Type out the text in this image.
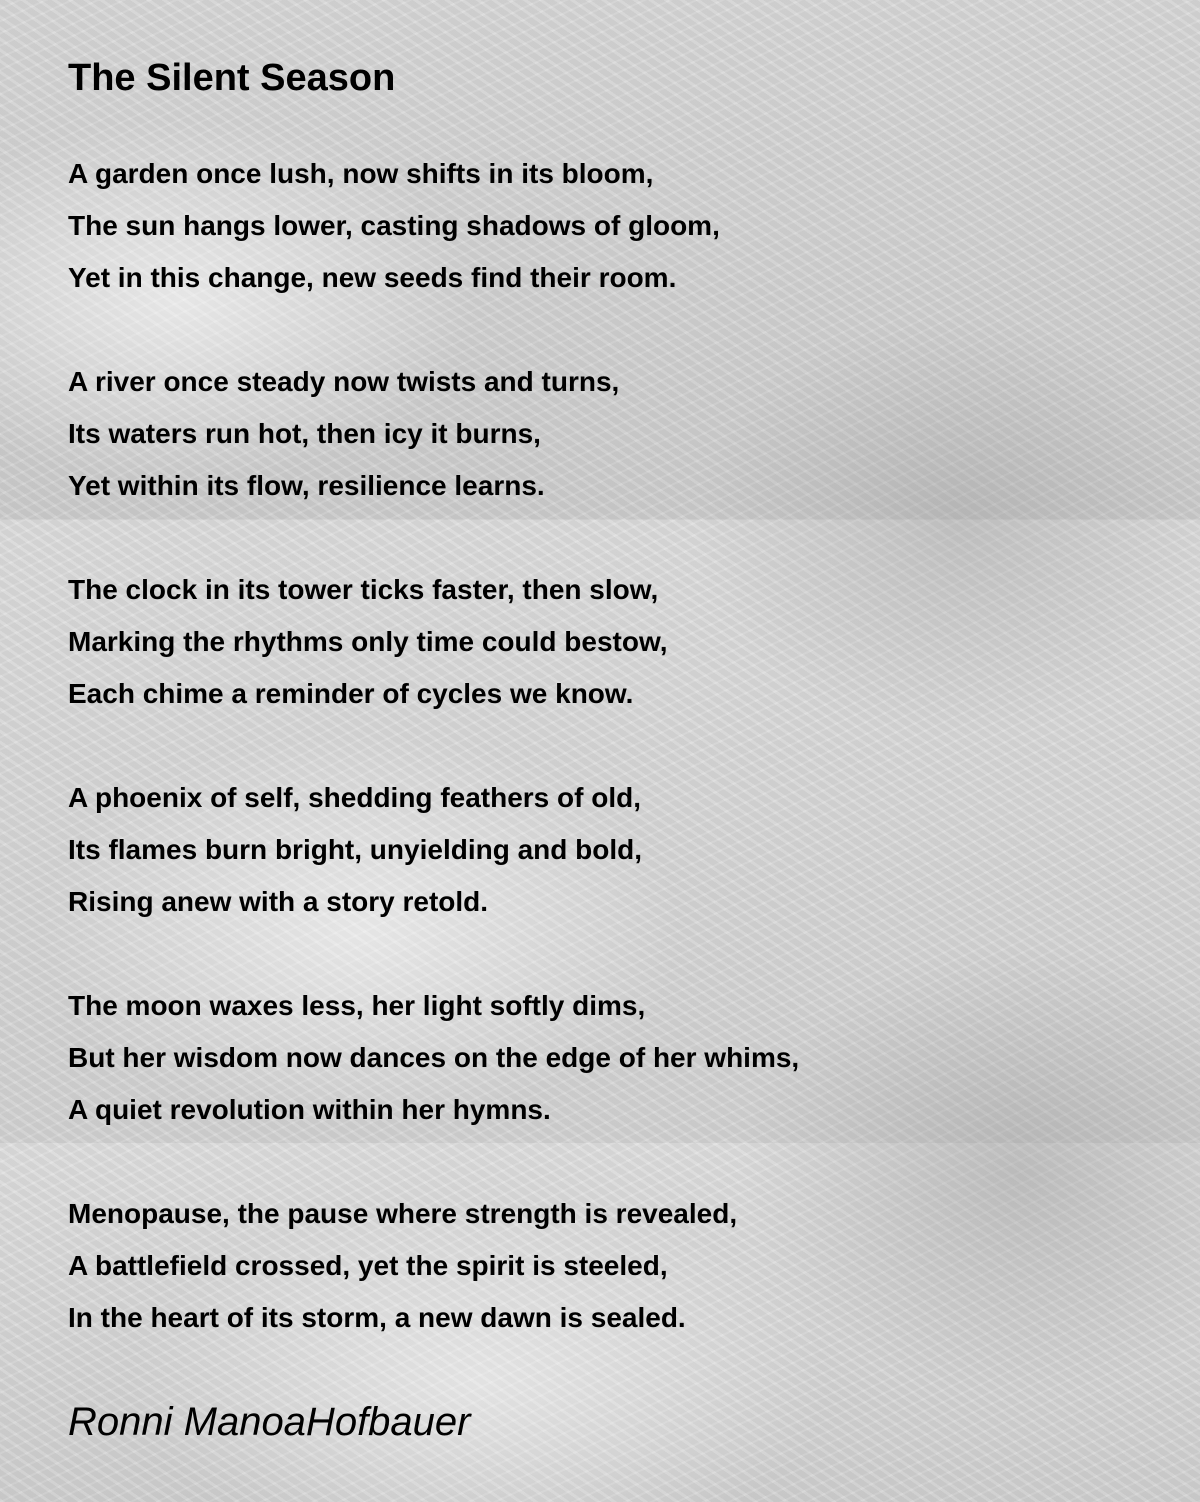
The Silent Season
A garden once lush, now shifts in its bloom,
The sun hangs lower, casting shadows of gloom,
Yet in this change, new seeds find their room.
A river once steady now twists and turns,
Its waters run hot, then icy it burns,
Yet within its flow, resilience learns.
The clock in its tower ticks faster, then slow,
Marking the rhythms only time could bestow,
Each chime a reminder of cycles we know.
A phoenix of self, shedding feathers of old,
Its flames burn bright, unyielding and bold,
Rising anew with a story retold.
The moon waxes less, her light softly dims,
But her wisdom now dances on the edge of her whims,
A quiet revolution within her hymns.
Menopause, the pause where strength is revealed,
A battlefield crossed, yet the spirit is steeled,
In the heart of its storm, a new dawn is sealed.
Ronni ManoaHofbauer
